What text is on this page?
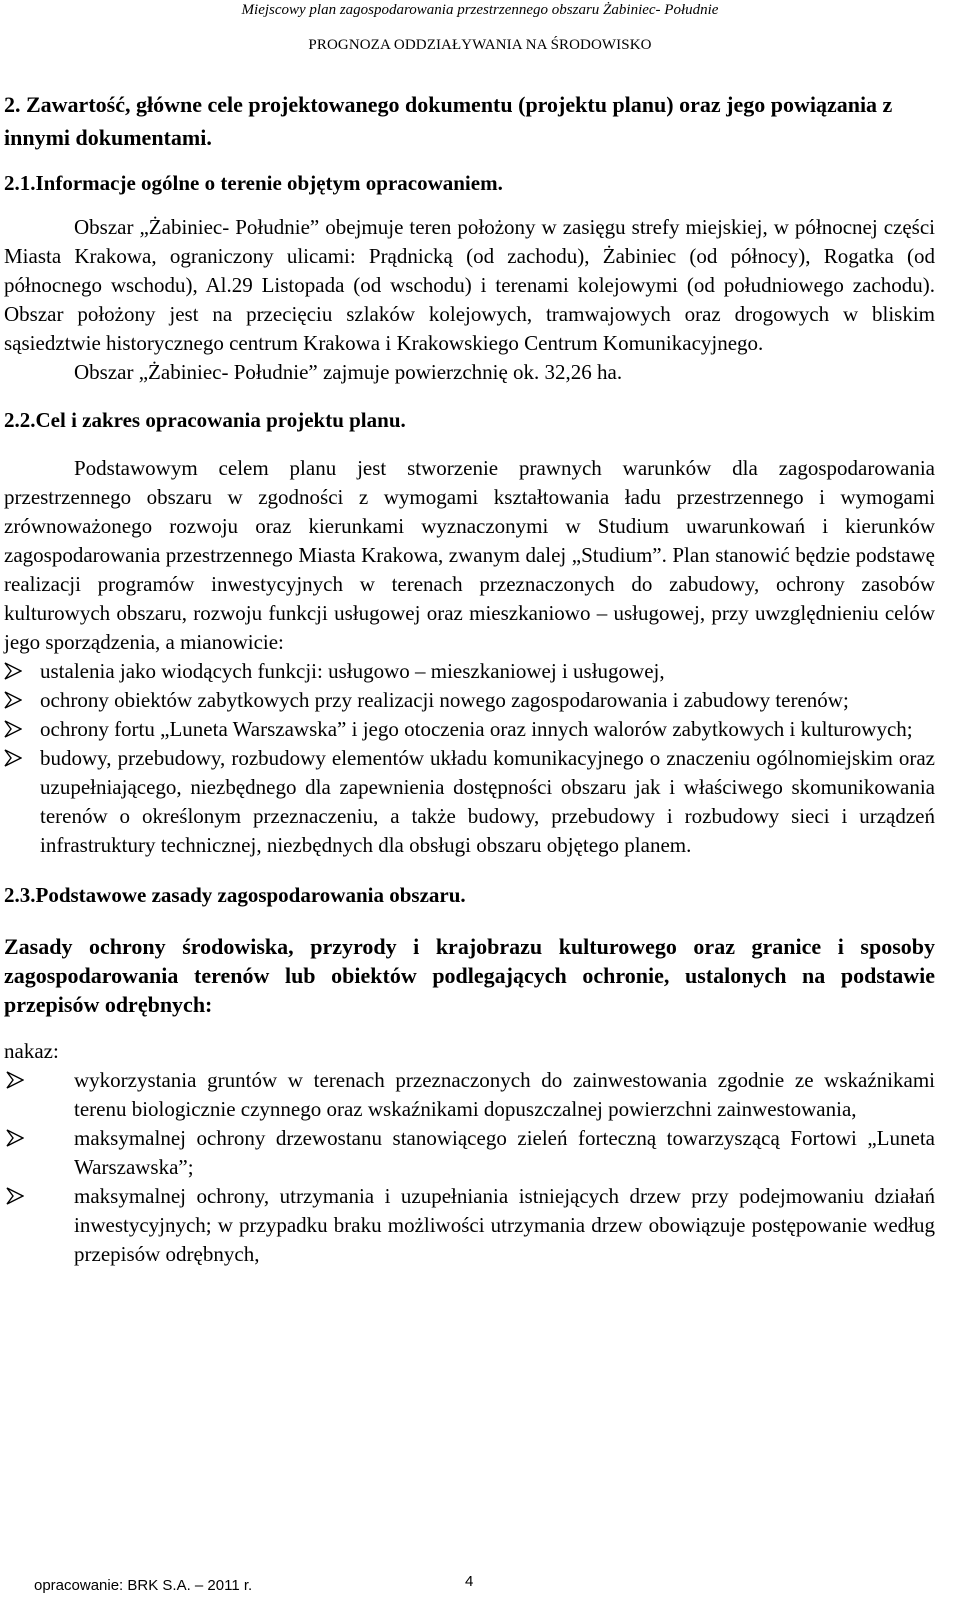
Miejscowy plan zagospodarowania przestrzennego obszaru Żabiniec- Południe
PROGNOZA ODDZIAŁYWANIA NA ŚRODOWISKO

2. Zawartość, główne cele projektowanego dokumentu (projektu planu) oraz jego powiązania z innymi dokumentami.

2.1.Informacje ogólne o terenie objętym opracowaniem.

Obszar „Żabiniec- Południe” obejmuje teren położony w zasięgu strefy miejskiej, w północnej części Miasta Krakowa, ograniczony ulicami: Prądnicką (od zachodu), Żabiniec (od północy), Rogatka (od północnego wschodu), Al.29 Listopada (od wschodu) i terenami kolejowymi (od południowego zachodu). Obszar położony jest na przecięciu szlaków kolejowych, tramwajowych oraz drogowych w bliskim sąsiedztwie historycznego centrum Krakowa i Krakowskiego Centrum Komunikacyjnego.

Obszar „Żabiniec- Południe” zajmuje powierzchnię ok. 32,26 ha.

2.2.Cel i zakres opracowania projektu planu.

Podstawowym celem planu jest stworzenie prawnych warunków dla zagospodarowania przestrzennego obszaru w zgodności z wymogami kształtowania ładu przestrzennego i wymogami zrównoważonego rozwoju oraz kierunkami wyznaczonymi w Studium uwarunkowań i kierunków zagospodarowania przestrzennego Miasta Krakowa, zwanym dalej „Studium”. Plan stanowić będzie podstawę realizacji programów inwestycyjnych w terenach przeznaczonych do zabudowy, ochrony zasobów kulturowych obszaru, rozwoju funkcji usługowej oraz mieszkaniowo – usługowej, przy uwzględnieniu celów jego sporządzenia, a mianowicie:

ustalenia jako wiodących funkcji: usługowo – mieszkaniowej i usługowej,
ochrony obiektów zabytkowych przy realizacji nowego zagospodarowania i zabudowy terenów;
ochrony fortu „Luneta Warszawska” i jego otoczenia oraz innych walorów zabytkowych i kulturowych;
budowy, przebudowy, rozbudowy elementów układu komunikacyjnego o znaczeniu ogólnomiejskim oraz uzupełniającego, niezbędnego dla zapewnienia dostępności obszaru jak i właściwego skomunikowania terenów o określonym przeznaczeniu, a także budowy, przebudowy i rozbudowy sieci i urządzeń infrastruktury technicznej, niezbędnych dla obsługi obszaru objętego planem.

2.3.Podstawowe zasady zagospodarowania obszaru.

Zasady ochrony środowiska, przyrody i krajobrazu kulturowego oraz granice i sposoby zagospodarowania terenów lub obiektów podlegających ochronie, ustalonych na podstawie przepisów odrębnych:

nakaz:

wykorzystania gruntów w terenach przeznaczonych do zainwestowania zgodnie ze wskaźnikami terenu biologicznie czynnego oraz wskaźnikami dopuszczalnej powierzchni zainwestowania,
maksymalnej ochrony drzewostanu stanowiącego zieleń forteczną towarzyszącą Fortowi „Luneta Warszawska”;
maksymalnej ochrony, utrzymania i uzupełniania istniejących drzew przy podejmowaniu działań inwestycyjnych; w przypadku braku możliwości utrzymania drzew obowiązuje postępowanie według przepisów odrębnych,
opracowanie: BRK S.A. – 2011 r.	4
